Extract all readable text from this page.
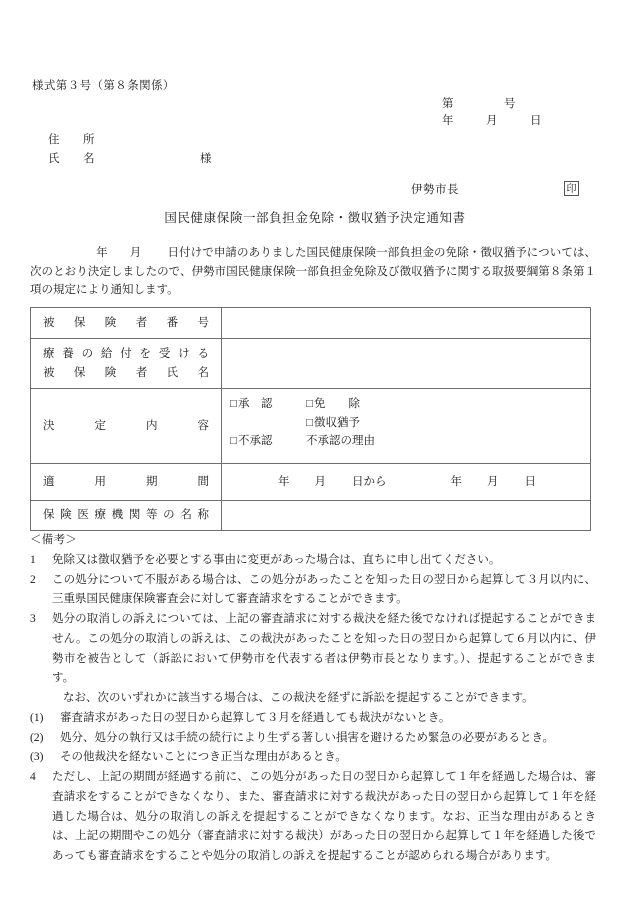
様式第３号（第８条関係）
第	号
年	月	日
住　所
氏　名	様
伊勢市長	印
国民健康保険一部負担金免除・徴収猶予決定通知書
年 月 日付けで申請のありました国民健康保険一部負担金の免除・徴収猶予については、次のとおり決定しましたので、伊勢市国民健康保険一部負担金免除及び徴収猶予に関する取扱要綱第８条第１項の規定により通知します。
被保険者番号	

療養の給付を受ける
被保険者氏名	

決定内容	□承　認 □免　　除
□徴収猶予
□不承認 不承認の理由

適用期間	年 月 日から 年 月 日

保険医療機関等の名称	

＜備考＞
1	免除又は徴収猶予を必要とする事由に変更があった場合は、直ちに申し出てください。
2	この処分について不服がある場合は、この処分があったことを知った日の翌日から起算して３月以内に、三重県国民健康保険審査会に対して審査請求をすることができます。
3	処分の取消しの訴えについては、上記の審査請求に対する裁決を経た後でなければ提起することができません。この処分の取消しの訴えは、この裁決があったことを知った日の翌日から起算して６月以内に、伊勢市を被告として（訴訟において伊勢市を代表する者は伊勢市長となります。）、提起することができます。
なお、次のいずれかに該当する場合は、この裁決を経ずに訴訟を提起することができます。
(1)	審査請求があった日の翌日から起算して３月を経過しても裁決がないとき。
(2)	処分、処分の執行又は手続の続行により生ずる著しい損害を避けるため緊急の必要があるとき。
(3)	その他裁決を経ないことにつき正当な理由があるとき。
4	ただし、上記の期間が経過する前に、この処分があった日の翌日から起算して１年を経過した場合は、審査請求をすることができなくなり、また、審査請求に対する裁決があった日の翌日から起算して１年を経過した場合は、処分の取消しの訴えを提起することができなくなります。なお、正当な理由があるときは、上記の期間やこの処分（審査請求に対する裁決）があった日の翌日から起算して１年を経過した後であっても審査請求をすることや処分の取消しの訴えを提起することが認められる場合があります。
